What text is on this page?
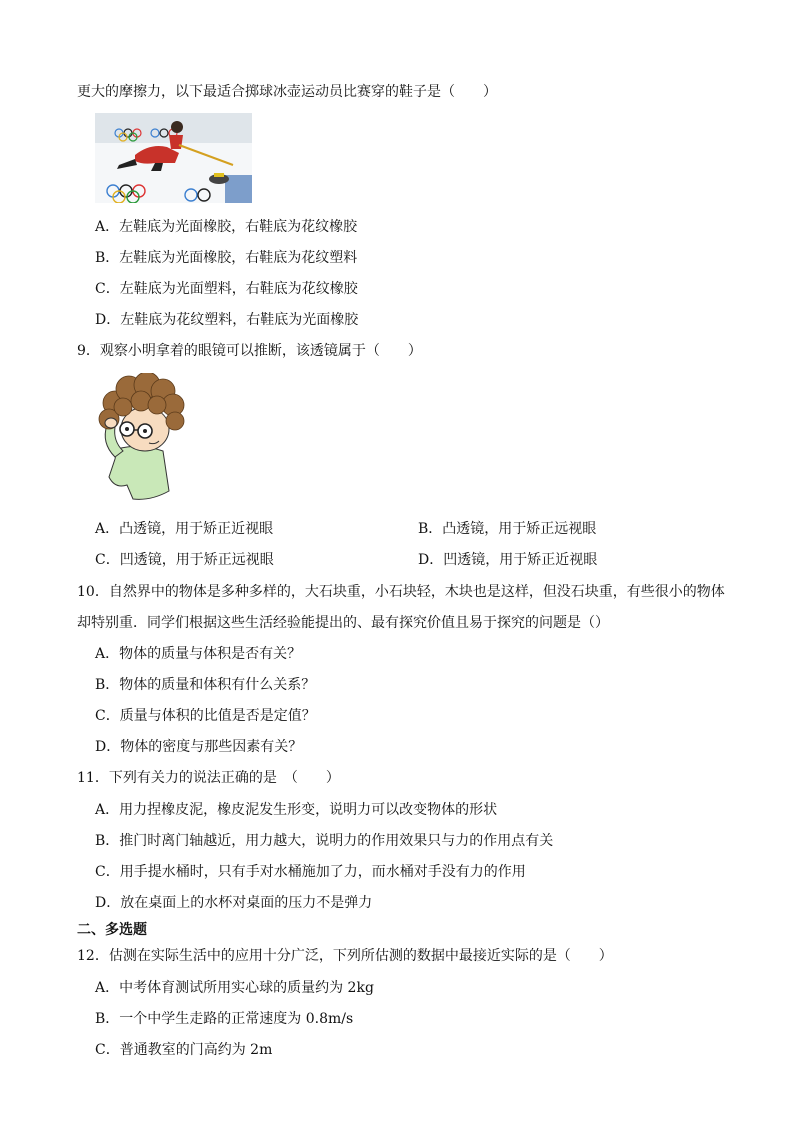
更大的摩擦力，以下最适合掷球冰壶运动员比赛穿的鞋子是（　　）
A．左鞋底为光面橡胶，右鞋底为花纹橡胶
B．左鞋底为光面橡胶，右鞋底为花纹塑料
C．左鞋底为光面塑料，右鞋底为花纹橡胶
D．左鞋底为花纹塑料，右鞋底为光面橡胶
9．观察小明拿着的眼镜可以推断，该透镜属于（　　）
A．凸透镜，用于矫正近视眼	B．凸透镜，用于矫正远视眼
C．凹透镜，用于矫正远视眼	D．凹透镜，用于矫正近视眼
10．自然界中的物体是多种多样的，大石块重，小石块轻，木块也是这样，但没石块重，有些很小的物体
却特别重．同学们根据这些生活经验能提出的、最有探究价值且易于探究的问题是（）
A．物体的质量与体积是否有关？
B．物体的质量和体积有什么关系？
C．质量与体积的比值是否是定值？
D．物体的密度与那些因素有关？
11．下列有关力的说法正确的是　（　　）
A．用力捏橡皮泥，橡皮泥发生形变，说明力可以改变物体的形状
B．推门时离门轴越近，用力越大，说明力的作用效果只与力的作用点有关
C．用手提水桶时，只有手对水桶施加了力，而水桶对手没有力的作用
D．放在桌面上的水杯对桌面的压力不是弹力
二、多选题
12．估测在实际生活中的应用十分广泛，下列所估测的数据中最接近实际的是（　　）
A．中考体育测试所用实心球的质量约为 2kg
B．一个中学生走路的正常速度为 0.8m/s
C．普通教室的门高约为 2m
